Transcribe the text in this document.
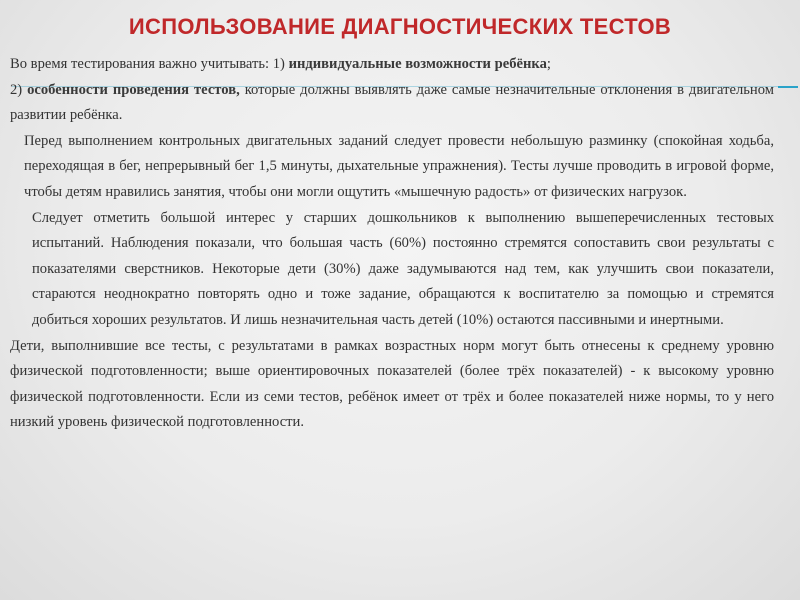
ИСПОЛЬЗОВАНИЕ ДИАГНОСТИЧЕСКИХ ТЕСТОВ

Во время тестирования важно учитывать: 1) индивидуальные возможности ребёнка;

2) особенности проведения тестов, которые должны выявлять даже самые незначительные отклонения в двигательном развитии ребёнка.

Перед выполнением контрольных двигательных заданий следует провести небольшую разминку (спокойная ходьба, переходящая в бег, непрерывный бег 1,5 минуты, дыхательные упражнения). Тесты лучше проводить в игровой форме, чтобы детям нравились занятия, чтобы они могли ощутить «мышечную радость» от физических нагрузок.

Следует отметить большой интерес у старших дошкольников к выполнению вышеперечисленных тестовых испытаний. Наблюдения показали, что большая часть (60%) постоянно стремятся сопоставить свои результаты с показателями сверстников. Некоторые дети (30%) даже задумываются над тем, как улучшить свои показатели, стараются неоднократно повторять одно и тоже задание, обращаются к воспитателю за помощью и стремятся добиться хороших результатов. И лишь незначительная часть детей (10%) остаются пассивными и инертными.

Дети, выполнившие все тесты, с результатами в рамках возрастных норм могут быть отнесены к среднему уровню физической подготовленности; выше ориентировочных показателей (более трёх показателей) - к высокому уровню физической подготовленности. Если из семи тестов, ребёнок имеет от трёх и более показателей ниже нормы, то у него низкий уровень физической подготовленности.
